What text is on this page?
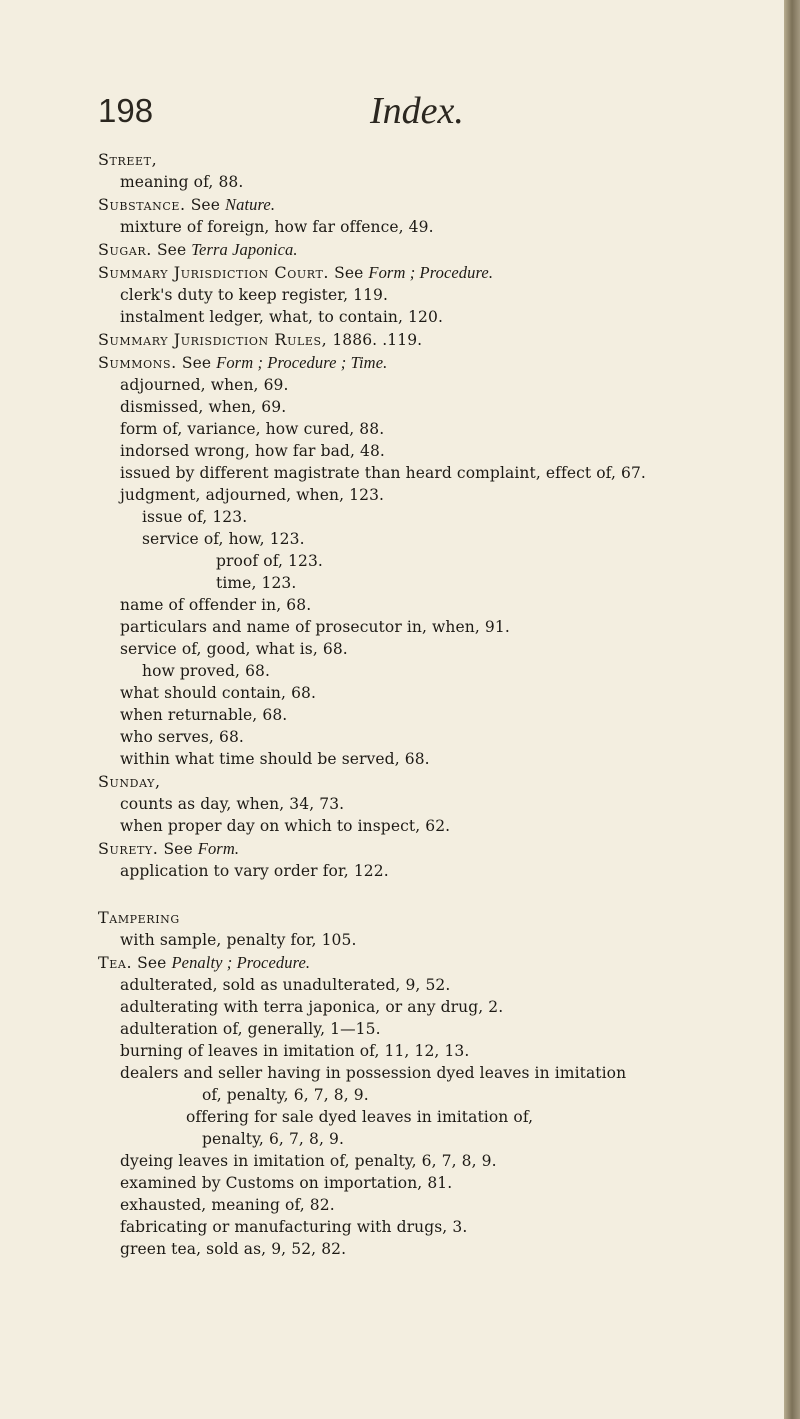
198	Index.
Street,
meaning of, 88.
Substance. See Nature.
mixture of foreign, how far offence, 49.
Sugar. See Terra Japonica.
Summary Jurisdiction Court. See Form ; Procedure.
clerk's duty to keep register, 119.
instalment ledger, what, to contain, 120.
Summary Jurisdiction Rules, 1886. .119.
Summons. See Form ; Procedure ; Time.
adjourned, when, 69.
dismissed, when, 69.
form of, variance, how cured, 88.
indorsed wrong, how far bad, 48.
issued by different magistrate than heard complaint, effect of, 67.
judgment, adjourned, when, 123.
issue of, 123.
service of, how, 123.
proof of, 123.
time, 123.
name of offender in, 68.
particulars and name of prosecutor in, when, 91.
service of, good, what is, 68.
how proved, 68.
what should contain, 68.
when returnable, 68.
who serves, 68.
within what time should be served, 68.
Sunday,
counts as day, when, 34, 73.
when proper day on which to inspect, 62.
Surety. See Form.
application to vary order for, 122.
Tampering
with sample, penalty for, 105.
Tea. See Penalty ; Procedure.
adulterated, sold as unadulterated, 9, 52.
adulterating with terra japonica, or any drug, 2.
adulteration of, generally, 1—15.
burning of leaves in imitation of, 11, 12, 13.
dealers and seller having in possession dyed leaves in imitation
of, penalty, 6, 7, 8, 9.
offering for sale dyed leaves in imitation of,
penalty, 6, 7, 8, 9.
dyeing leaves in imitation of, penalty, 6, 7, 8, 9.
examined by Customs on importation, 81.
exhausted, meaning of, 82.
fabricating or manufacturing with drugs, 3.
green tea, sold as, 9, 52, 82.
